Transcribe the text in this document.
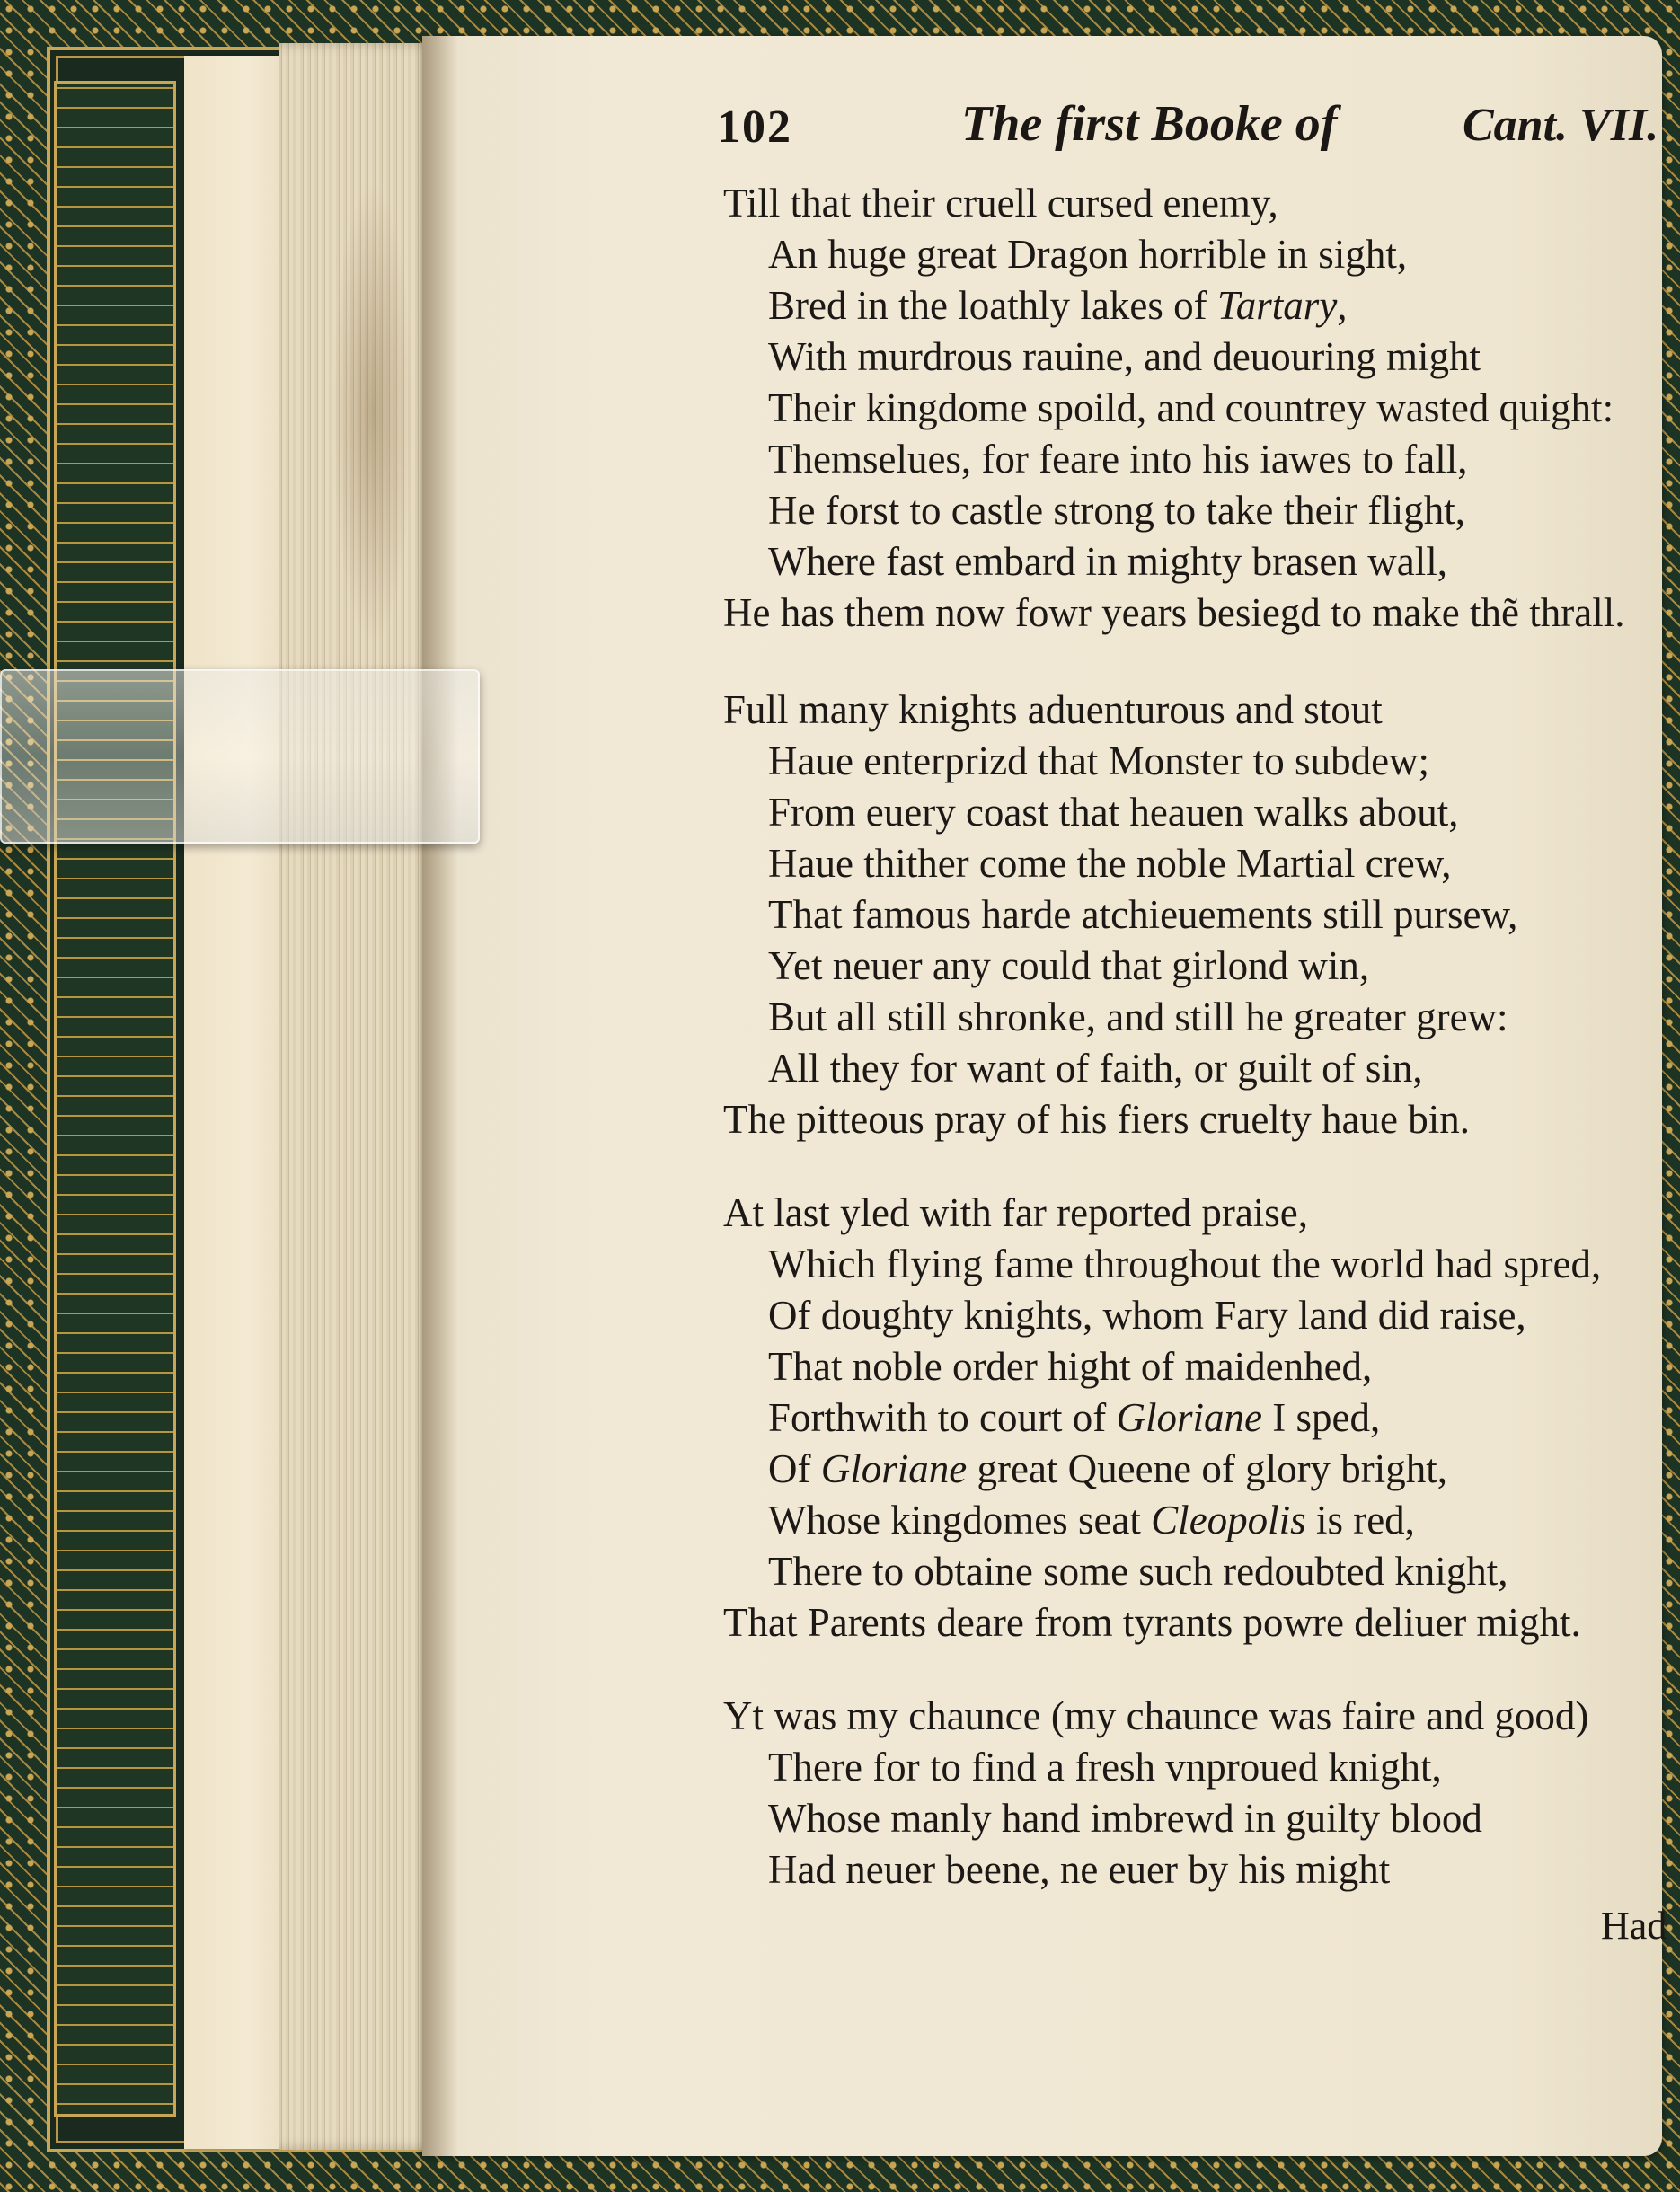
102	The first Booke of	Cant. VII.
Till that their cruell cursed enemy,
An huge great Dragon horrible in sight,
Bred in the loathly lakes of Tartary,
With murdrous rauine, and deuouring might
Their kingdome spoild, and countrey wasted quight:
Themselues, for feare into his iawes to fall,
He forst to castle strong to take their flight,
Where fast embard in mighty brasen wall,
He has them now fowr years besiegd to make thẽ thrall.
Full many knights aduenturous and stout
Haue enterprizd that Monster to subdew;
From euery coast that heauen walks about,
Haue thither come the noble Martial crew,
That famous harde atchieuements still pursew,
Yet neuer any could that girlond win,
But all still shronke, and still he greater grew:
All they for want of faith, or guilt of sin,
The pitteous pray of his fiers cruelty haue bin.
At last yled with far reported praise,
Which flying fame throughout the world had spred,
Of doughty knights, whom Fary land did raise,
That noble order hight of maidenhed,
Forthwith to court of Gloriane I sped,
Of Gloriane great Queene of glory bright,
Whose kingdomes seat Cleopolis is red,
There to obtaine some such redoubted knight,
That Parents deare from tyrants powre deliuer might.
Yt was my chaunce (my chaunce was faire and good)
There for to find a fresh vnproued knight,
Whose manly hand imbrewd in guilty blood
Had neuer beene, ne euer by his might
Had
